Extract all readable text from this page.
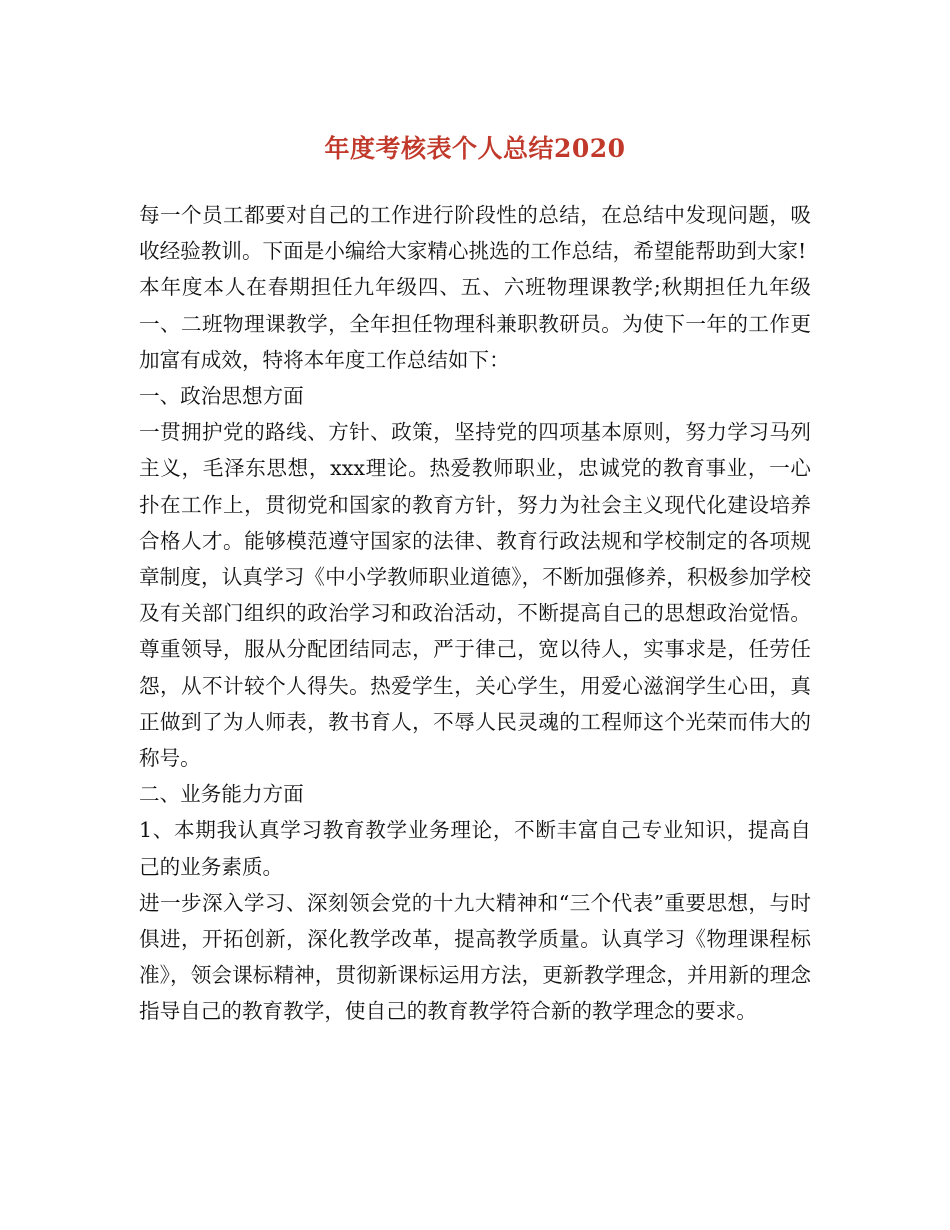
年度考核表个人总结2020

每一个员工都要对自己的工作进行阶段性的总结，在总结中发现问题，吸收经验教训。下面是小编给大家精心挑选的工作总结，希望能帮助到大家!

本年度本人在春期担任九年级四、五、六班物理课教学;秋期担任九年级一、二班物理课教学，全年担任物理科兼职教研员。为使下一年的工作更加富有成效，特将本年度工作总结如下：

一、政治思想方面

一贯拥护党的路线、方针、政策，坚持党的四项基本原则，努力学习马列主义，毛泽东思想，xxx理论。热爱教师职业，忠诚党的教育事业，一心扑在工作上，贯彻党和国家的教育方针，努力为社会主义现代化建设培养合格人才。能够模范遵守国家的法律、教育行政法规和学校制定的各项规章制度，认真学习《中小学教师职业道德》，不断加强修养，积极参加学校及有关部门组织的政治学习和政治活动，不断提高自己的思想政治觉悟。尊重领导，服从分配团结同志，严于律己，宽以待人，实事求是，任劳任怨，从不计较个人得失。热爱学生，关心学生，用爱心滋润学生心田，真正做到了为人师表，教书育人，不辱人民灵魂的工程师这个光荣而伟大的称号。

二、业务能力方面

1、本期我认真学习教育教学业务理论，不断丰富自己专业知识，提高自己的业务素质。

进一步深入学习、深刻领会党的十九大精神和“三个代表”重要思想，与时俱进，开拓创新，深化教学改革，提高教学质量。认真学习《物理课程标准》，领会课标精神，贯彻新课标运用方法，更新教学理念，并用新的理念指导自己的教育教学，使自己的教育教学符合新的教学理念的要求。
